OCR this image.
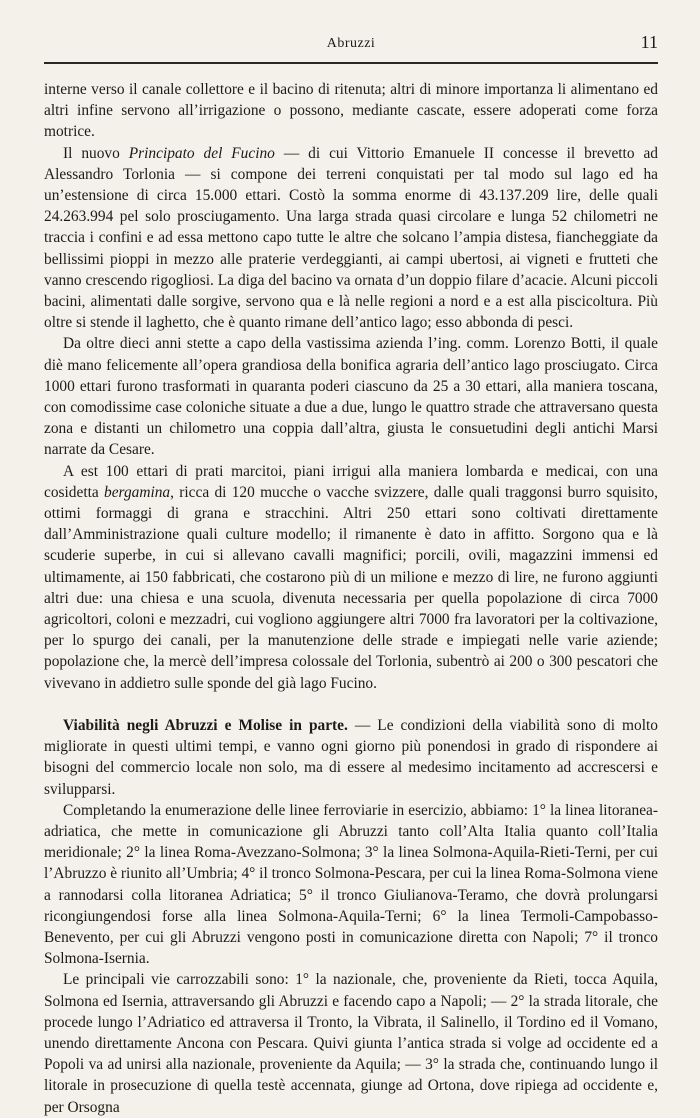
Abruzzi	11

interne verso il canale collettore e il bacino di ritenuta; altri di minore importanza li alimentano ed altri infine servono all’irrigazione o possono, mediante cascate, essere adoperati come forza motrice.

Il nuovo Principato del Fucino — di cui Vittorio Emanuele II concesse il brevetto ad Alessandro Torlonia — si compone dei terreni conquistati per tal modo sul lago ed ha un’estensione di circa 15.000 ettari. Costò la somma enorme di 43.137.209 lire, delle quali 24.263.994 pel solo prosciugamento. Una larga strada quasi circolare e lunga 52 chilometri ne traccia i confini e ad essa mettono capo tutte le altre che solcano l’ampia distesa, fiancheggiate da bellissimi pioppi in mezzo alle praterie verdeggianti, ai campi ubertosi, ai vigneti e frutteti che vanno crescendo rigogliosi. La diga del bacino va ornata d’un doppio filare d’acacie. Alcuni piccoli bacini, alimentati dalle sorgive, servono qua e là nelle regioni a nord e a est alla piscicoltura. Più oltre si stende il laghetto, che è quanto rimane dell’antico lago; esso abbonda di pesci.

Da oltre dieci anni stette a capo della vastissima azienda l’ing. comm. Lorenzo Botti, il quale diè mano felicemente all’opera grandiosa della bonifica agraria dell’antico lago prosciugato. Circa 1000 ettari furono trasformati in quaranta poderi ciascuno da 25 a 30 ettari, alla maniera toscana, con comodissime case coloniche situate a due a due, lungo le quattro strade che attraversano questa zona e distanti un chilometro una coppia dall’altra, giusta le consuetudini degli antichi Marsi narrate da Cesare.

A est 100 ettari di prati marcitoi, piani irrigui alla maniera lombarda e medicai, con una cosidetta bergamina, ricca di 120 mucche o vacche svizzere, dalle quali traggonsi burro squisito, ottimi formaggi di grana e stracchini. Altri 250 ettari sono coltivati direttamente dall’Amministrazione quali culture modello; il rimanente è dato in affitto. Sorgono qua e là scuderie superbe, in cui si allevano cavalli magnifici; porcili, ovili, magazzini immensi ed ultimamente, ai 150 fabbricati, che costarono più di un milione e mezzo di lire, ne furono aggiunti altri due: una chiesa e una scuola, divenuta necessaria per quella popolazione di circa 7000 agricoltori, coloni e mezzadri, cui vogliono aggiungere altri 7000 fra lavoratori per la coltivazione, per lo spurgo dei canali, per la manutenzione delle strade e impiegati nelle varie aziende; popolazione che, la mercè dell’impresa colossale del Torlonia, subentrò ai 200 o 300 pescatori che vivevano in addietro sulle sponde del già lago Fucino.

Viabilità negli Abruzzi e Molise in parte. — Le condizioni della viabilità sono di molto migliorate in questi ultimi tempi, e vanno ogni giorno più ponendosi in grado di rispondere ai bisogni del commercio locale non solo, ma di essere al medesimo incitamento ad accrescersi e svilupparsi.

Completando la enumerazione delle linee ferroviarie in esercizio, abbiamo: 1° la linea litoranea-adriatica, che mette in comunicazione gli Abruzzi tanto coll’Alta Italia quanto coll’Italia meridionale; 2° la linea Roma-Avezzano-Solmona; 3° la linea Solmona-Aquila-Rieti-Terni, per cui l’Abruzzo è riunito all’Umbria; 4° il tronco Solmona-Pescara, per cui la linea Roma-Solmona viene a rannodarsi colla litoranea Adriatica; 5° il tronco Giulianova-Teramo, che dovrà prolungarsi ricongiungendosi forse alla linea Solmona-Aquila-Terni; 6° la linea Termoli-Campobasso-Benevento, per cui gli Abruzzi vengono posti in comunicazione diretta con Napoli; 7° il tronco Solmona-Isernia.

Le principali vie carrozzabili sono: 1° la nazionale, che, proveniente da Rieti, tocca Aquila, Solmona ed Isernia, attraversando gli Abruzzi e facendo capo a Napoli; — 2° la strada litorale, che procede lungo l’Adriatico ed attraversa il Tronto, la Vibrata, il Salinello, il Tordino ed il Vomano, unendo direttamente Ancona con Pescara. Quivi giunta l’antica strada si volge ad occidente ed a Popoli va ad unirsi alla nazionale, proveniente da Aquila; — 3° la strada che, continuando lungo il litorale in prosecuzione di quella testè accennata, giunge ad Ortona, dove ripiega ad occidente e, per Orsogna
